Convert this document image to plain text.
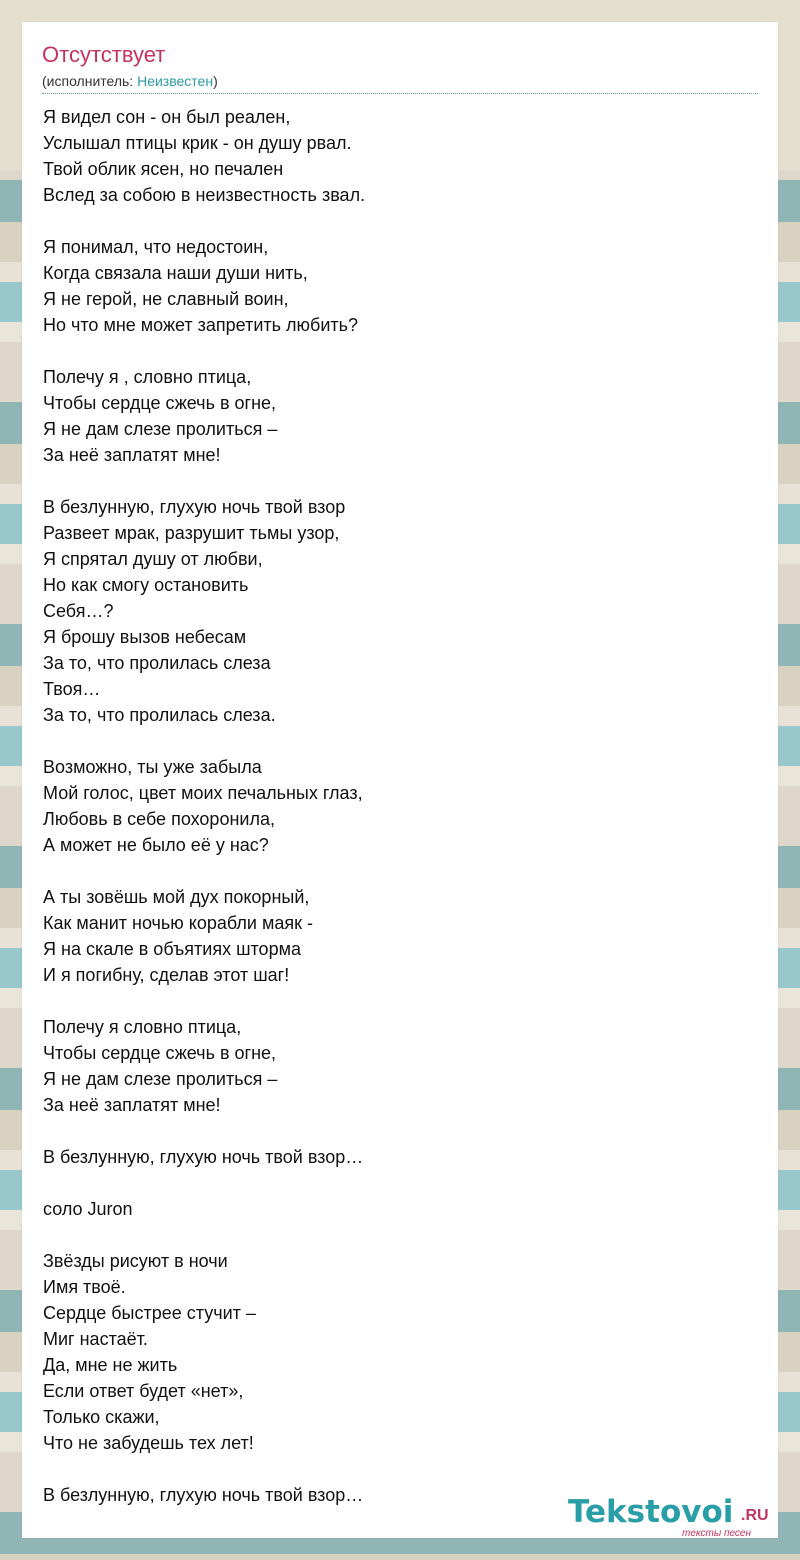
Отсутствует
(исполнитель: Неизвестен)
Я видел сон - он был реален,
Услышал птицы крик - он душу рвал.
Твой облик ясен, но печален
Вслед за собою в неизвестность звал.

Я понимал, что недостоин,
Когда связала наши души нить,
Я не герой, не славный воин,
Но что мне может запретить любить?

Полечу я , словно птица,
Чтобы сердце сжечь в огне,
Я не дам слезе пролиться –
За неё заплатят мне!

В безлунную, глухую ночь твой взор
Развеет мрак, разрушит тьмы узор,
Я спрятал душу от любви,
Но как смогу остановить
Себя…?
Я брошу вызов небесам
За то, что пролилась слеза
Твоя…
За то, что пролилась слеза.

Возможно, ты уже забыла
Мой голос, цвет моих печальных глаз,
Любовь в себе похоронила,
А может не было её у нас?

А ты зовёшь мой дух покорный,
Как манит ночью корабли маяк -
Я на скале в объятиях шторма
И я погибну, сделав этот шаг!

Полечу я словно птица,
Чтобы сердце сжечь в огне,
Я не дам слезе пролиться –
За неё заплатят мне!

В безлунную, глухую ночь твой взор…

соло Juron

Звёзды рисуют в ночи
Имя твоё.
Сердце быстрее стучит –
Миг настаёт.
Да, мне не жить
Если ответ будет «нет»,
Только скажи,
Что не забудешь тех лет!

В безлунную, глухую ночь твой взор…	Tekstovoi .RU
тексты песен
